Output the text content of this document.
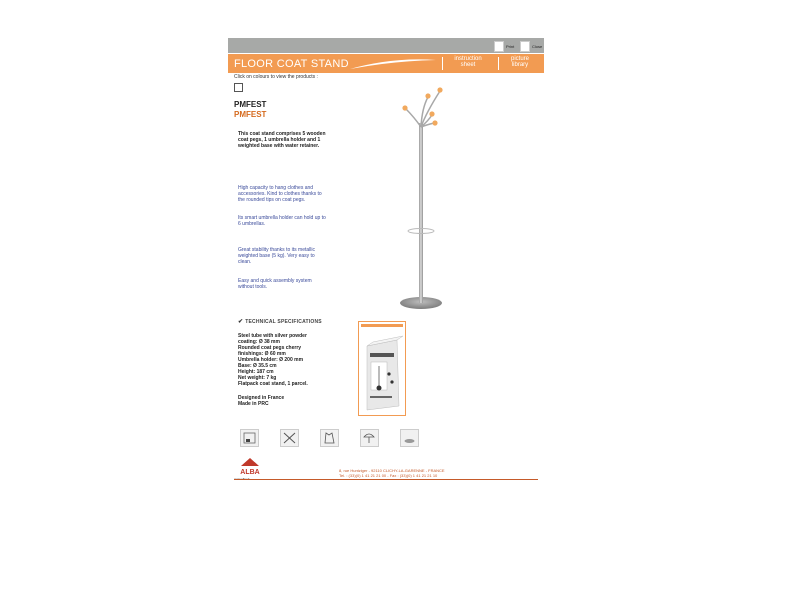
Print	Close
FLOOR COAT STAND	instruction
sheet
picture
library
Click on colours to view the products :
PMFEST
PMFEST
This coat stand comprises 5 wooden coat pegs, 1 umbrella holder and 1 weighted base with water retainer.
High capacity to hang clothes and accessories. Kind to clothes thanks to the rounded tips on coat pegs.
Its smart umbrella holder can hold up to 6 umbrellas.
Great stability thanks to its metallic weighted base (5 kg). Very easy to clean.
Easy and quick assembly system without tools.
✔ TECHNICAL SPECIFICATIONS
Steel tube with silver powder
coating: Ø 38 mm
Rounded coat pegs cherry
finishings: Ø 60 mm
Umbrella holder: Ø 200 mm
Base: Ø 35.5 cm
Height: 187 cm
Net weight: 7 kg
Flatpack coat stand, 1 parcel.
Designed in France
Made in PRC
ALBA	8, rue Huntziger - 92110 CLICHY-LA-GARENNE - FRANCE
Tel. : (33)(0) 1 41 21 21 00 - Fax : (33)(0) 1 41 21 21 10
